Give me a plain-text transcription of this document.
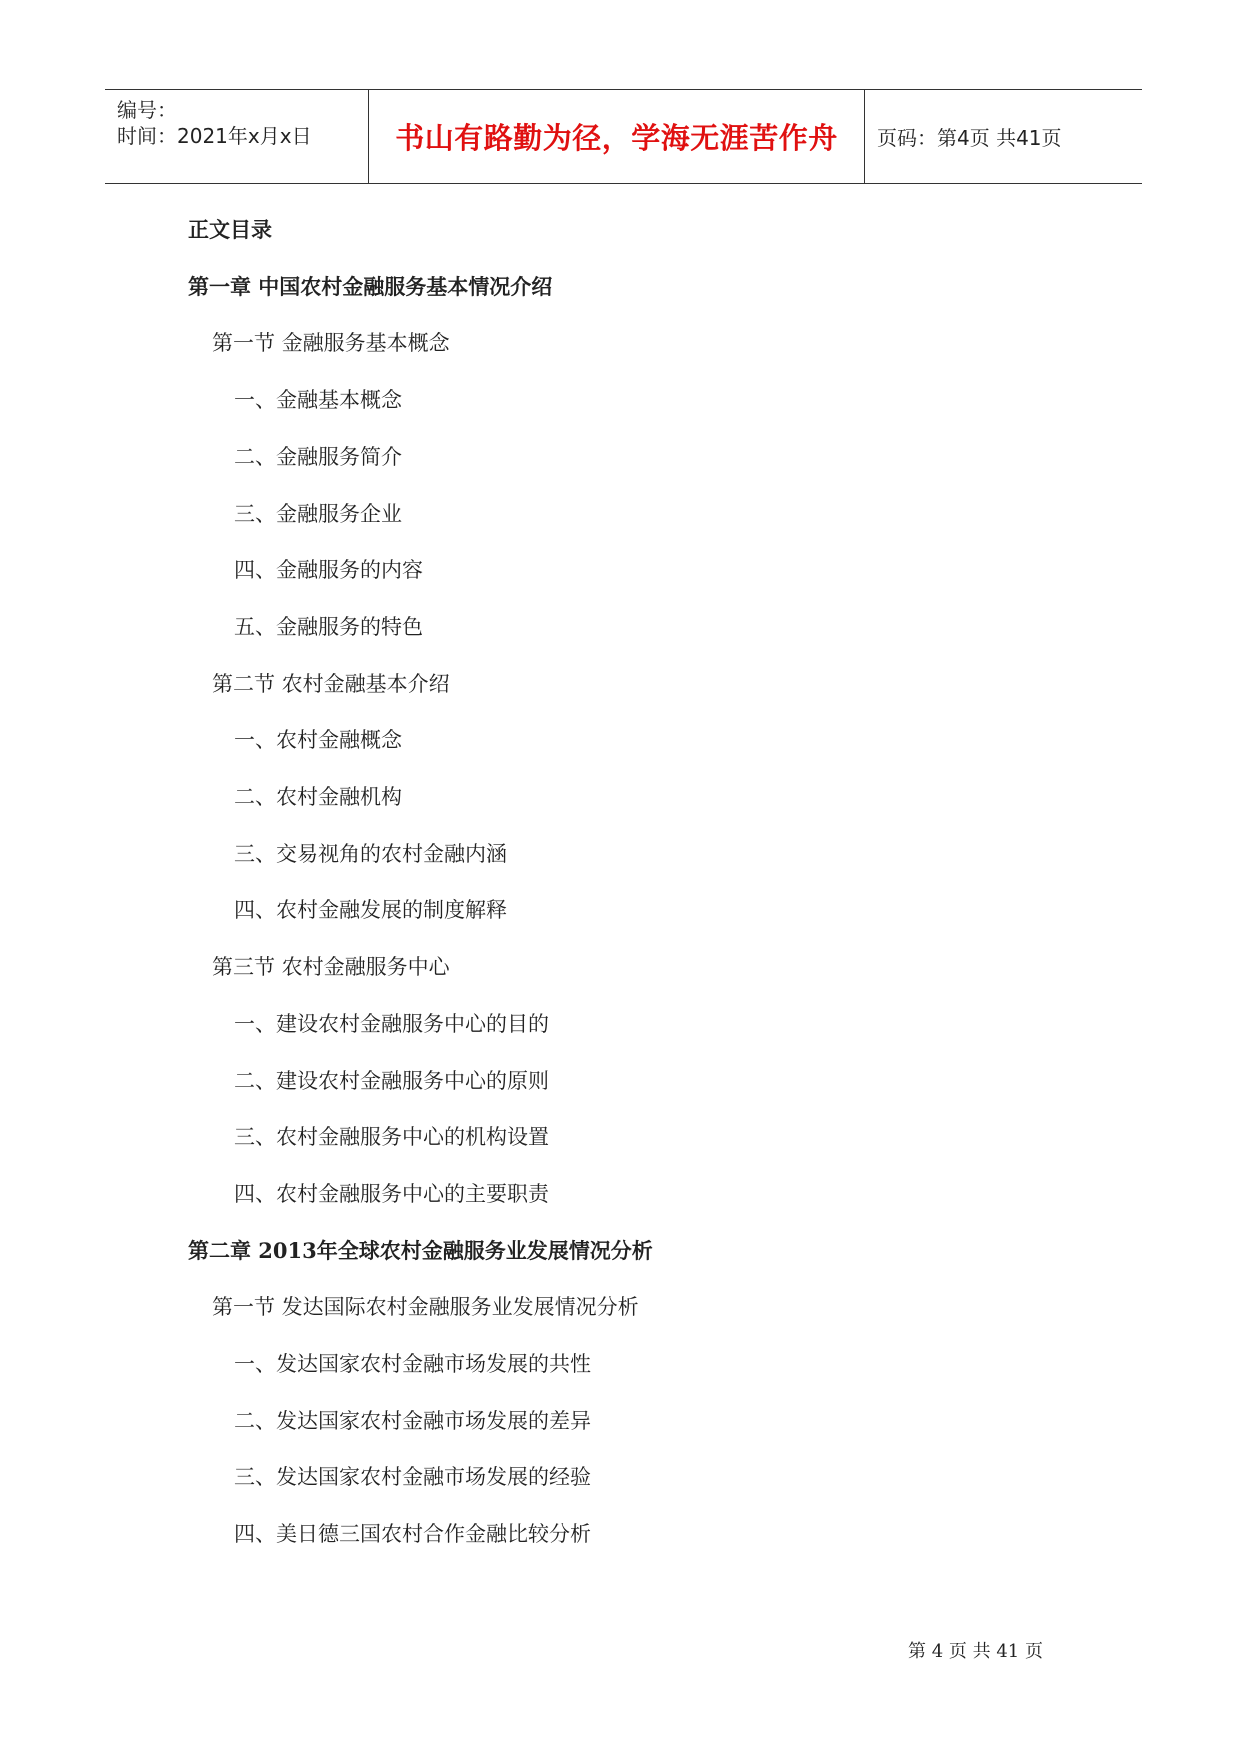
编号：
时间：2021年x月x日	书山有路勤为径，学海无涯苦作舟 页码：第4页 共41页
正文目录
第一章 中国农村金融服务基本情况介绍
第一节 金融服务基本概念
一、金融基本概念
二、金融服务简介
三、金融服务企业
四、金融服务的内容
五、金融服务的特色
第二节 农村金融基本介绍
一、农村金融概念
二、农村金融机构
三、交易视角的农村金融内涵
四、农村金融发展的制度解释
第三节 农村金融服务中心
一、建设农村金融服务中心的目的
二、建设农村金融服务中心的原则
三、农村金融服务中心的机构设置
四、农村金融服务中心的主要职责
第二章 2013年全球农村金融服务业发展情况分析
第一节 发达国际农村金融服务业发展情况分析
一、发达国家农村金融市场发展的共性
二、发达国家农村金融市场发展的差异
三、发达国家农村金融市场发展的经验
四、美日德三国农村合作金融比较分析
第 4 页 共 41 页
